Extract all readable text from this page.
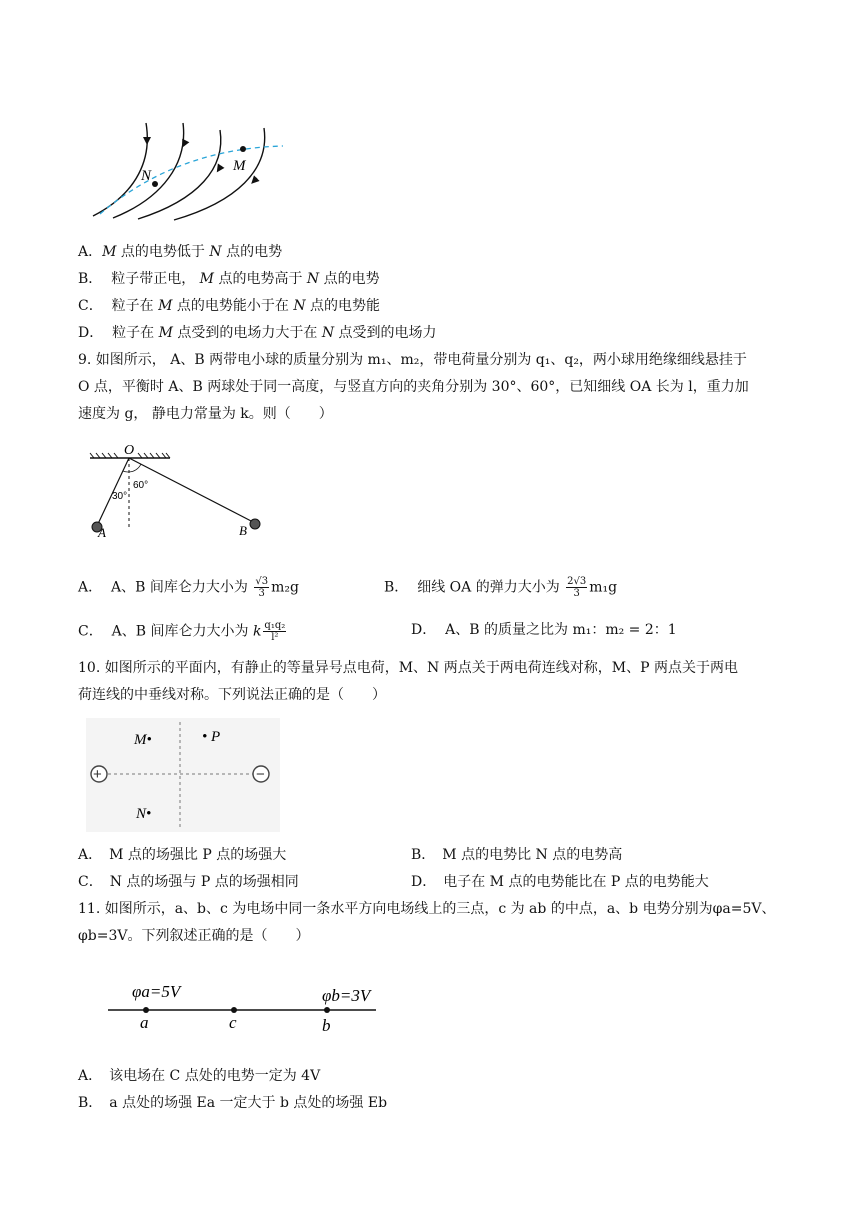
N
M
A．M 点的电势低于 N 点的电势
B． 粒子带正电， M 点的电势高于 N 点的电势
C． 粒子在 M 点的电势能小于在 N 点的电势能
D． 粒子在 M 点受到的电场力大于在 N 点受到的电场力
9. 如图所示， A、B 两带电小球的质量分别为 m₁、m₂，带电荷量分别为 q₁、q₂，两小球用绝缘细线悬挂于
O 点，平衡时 A、B 两球处于同一高度，与竖直方向的夹角分别为 30°、60°，已知细线 OA 长为 l，重力加
速度为 g， 静电力常量为 k。则（　　）
O
30°
60°
A	B
A． A、B 间库仑力大小为 $\frac{√3}{3} m_2g$	B． 细线 OA 的弹力大小为 $\frac{2√3}{3} m_1g$
C． A、B 间库仑力大小为 k $\frac{\text{q₁q₂}}{\text{l²}}$	D． A、B 的质量之比为 m₁：m₂ = 2：1
10. 如图所示的平面内，有静止的等量异号点电荷，M、N 两点关于两电荷连线对称，M、P 两点关于两电
荷连线的中垂线对称。下列说法正确的是（　　）
+	−
M•	• P
N•
A．　M 点的场强比 P 点的场强大	B．　M 点的电势比 N 点的电势高
C．　N 点的场强与 P 点的场强相同	D．　电子在 M 点的电势能比在 P 点的电势能大
11. 如图所示，a、b、c 为电场中同一条水平方向电场线上的三点，c 为 ab 的中点，a、b 电势分别为φa=5V、
φb=3V。下列叙述正确的是（　　）
φa=5V	φb=3V
a	c	b
A．　该电场在 C 点处的电势一定为 4V
B．　a 点处的场强 Ea 一定大于 b 点处的场强 Eb
